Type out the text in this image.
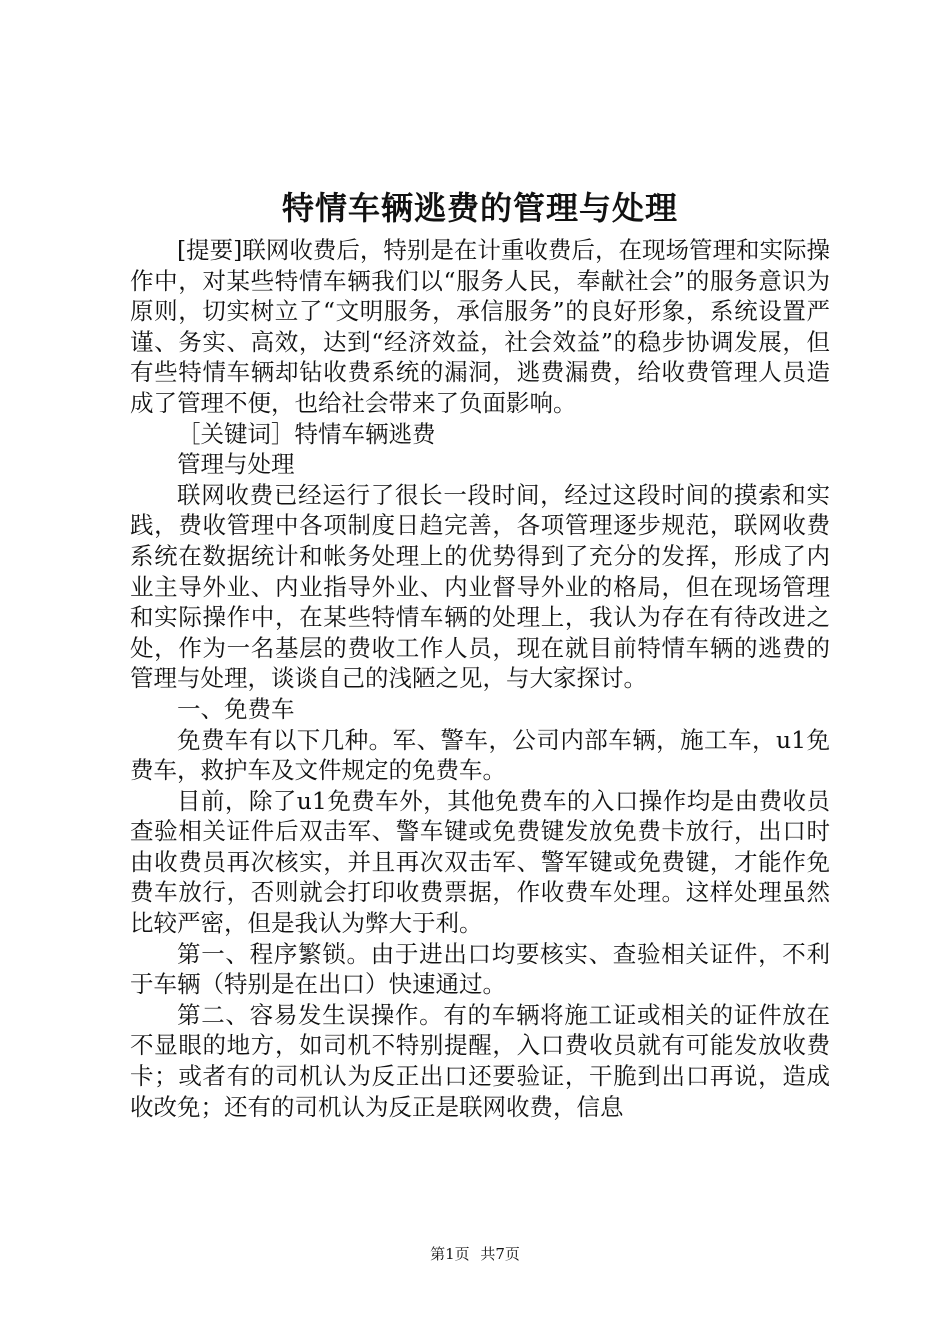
特情车辆逃费的管理与处理

[提要]联网收费后，特别是在计重收费后，在现场管理和实际操作中，对某些特情车辆我们以“服务人民，奉献社会”的服务意识为原则，切实树立了“文明服务，承信服务”的良好形象，系统设置严谨、务实、高效，达到“经济效益，社会效益”的稳步协调发展，但有些特情车辆却钻收费系统的漏洞，逃费漏费，给收费管理人员造成了管理不便，也给社会带来了负面影响。

［关键词］特情车辆逃费

管理与处理

联网收费已经运行了很长一段时间，经过这段时间的摸索和实践，费收管理中各项制度日趋完善，各项管理逐步规范，联网收费系统在数据统计和帐务处理上的优势得到了充分的发挥，形成了内业主导外业、内业指导外业、内业督导外业的格局，但在现场管理和实际操作中，在某些特情车辆的处理上，我认为存在有待改进之处，作为一名基层的费收工作人员，现在就目前特情车辆的逃费的管理与处理，谈谈自己的浅陋之见，与大家探讨。

一、免费车

免费车有以下几种。军、警车，公司内部车辆，施工车，u1免费车，救护车及文件规定的免费车。

目前，除了u1免费车外，其他免费车的入口操作均是由费收员查验相关证件后双击军、警车键或免费键发放免费卡放行，出口时由收费员再次核实，并且再次双击军、警军键或免费键，才能作免费车放行，否则就会打印收费票据，作收费车处理。这样处理虽然比较严密，但是我认为弊大于利。

第一、程序繁锁。由于进出口均要核实、查验相关证件，不利于车辆（特别是在出口）快速通过。

第二、容易发生误操作。有的车辆将施工证或相关的证件放在不显眼的地方，如司机不特别提醒，入口费收员就有可能发放收费卡；或者有的司机认为反正出口还要验证，干脆到出口再说，造成收改免；还有的司机认为反正是联网收费，信息

第1页 共7页
